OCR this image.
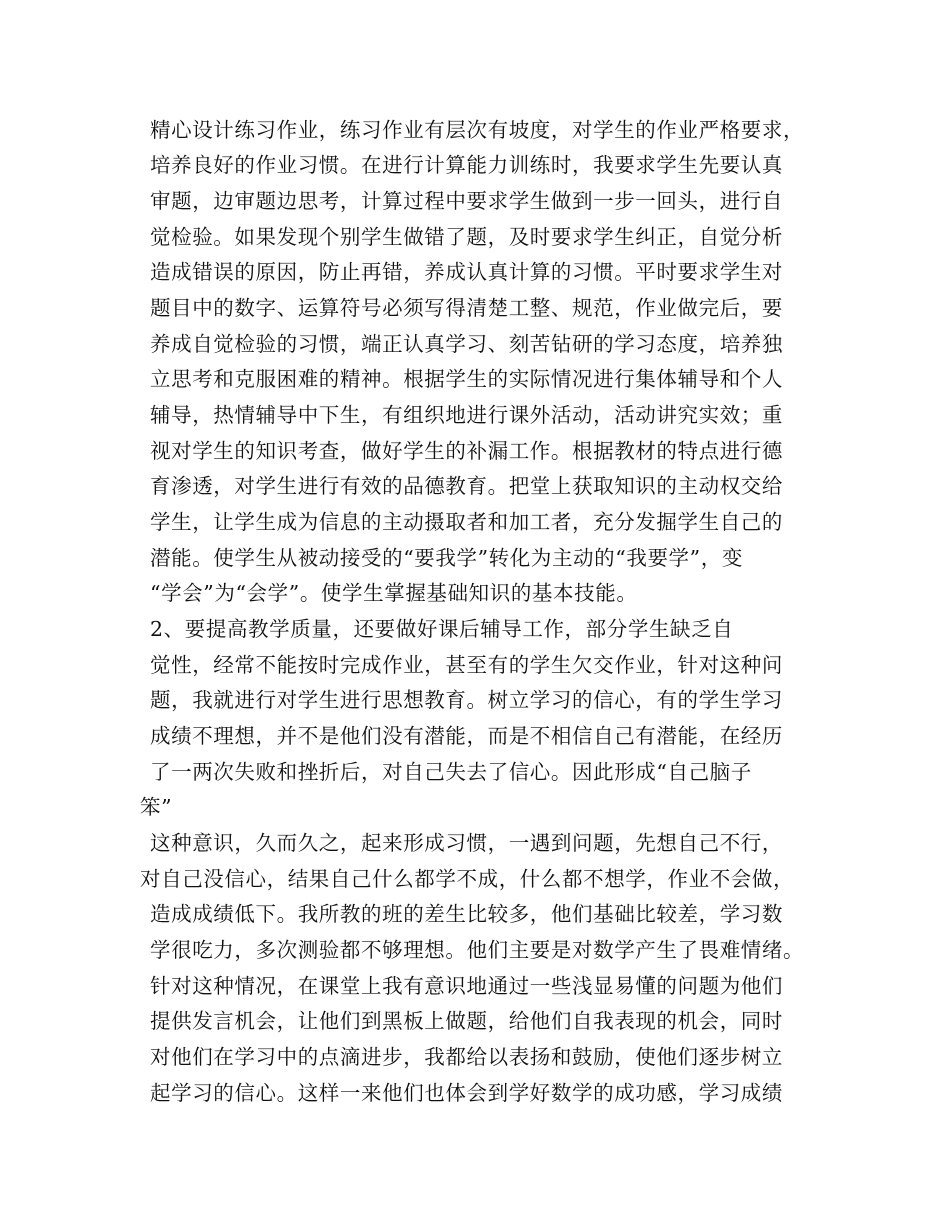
精心设计练习作业，练习作业有层次有坡度，对学生的作业严格要求，
培养良好的作业习惯。在进行计算能力训练时，我要求学生先要认真
审题，边审题边思考，计算过程中要求学生做到一步一回头，进行自
觉检验。如果发现个别学生做错了题，及时要求学生纠正，自觉分析
造成错误的原因，防止再错，养成认真计算的习惯。平时要求学生对
题目中的数字、运算符号必须写得清楚工整、规范，作业做完后，要
养成自觉检验的习惯，端正认真学习、刻苦钻研的学习态度，培养独
立思考和克服困难的精神。根据学生的实际情况进行集体辅导和个人
辅导，热情辅导中下生，有组织地进行课外活动，活动讲究实效；重
视对学生的知识考查，做好学生的补漏工作。根据教材的特点进行德
育渗透，对学生进行有效的品德教育。把堂上获取知识的主动权交给
学生，让学生成为信息的主动摄取者和加工者，充分发掘学生自己的
潜能。使学生从被动接受的“要我学”转化为主动的“我要学”，变
“学会”为“会学”。使学生掌握基础知识的基本技能。
2、要提高教学质量，还要做好课后辅导工作，部分学生缺乏自
觉性，经常不能按时完成作业，甚至有的学生欠交作业，针对这种问
题，我就进行对学生进行思想教育。树立学习的信心，有的学生学习
成绩不理想，并不是他们没有潜能，而是不相信自己有潜能，在经历
了一两次失败和挫折后，对自己失去了信心。因此形成“自己脑子
笨”
这种意识，久而久之，起来形成习惯，一遇到问题，先想自己不行，
对自己没信心，结果自己什么都学不成，什么都不想学，作业不会做，
造成成绩低下。我所教的班的差生比较多，他们基础比较差，学习数
学很吃力，多次测验都不够理想。他们主要是对数学产生了畏难情绪。
针对这种情况，在课堂上我有意识地通过一些浅显易懂的问题为他们
提供发言机会，让他们到黑板上做题，给他们自我表现的机会，同时
对他们在学习中的点滴进步，我都给以表扬和鼓励，使他们逐步树立
起学习的信心。这样一来他们也体会到学好数学的成功感，学习成绩
